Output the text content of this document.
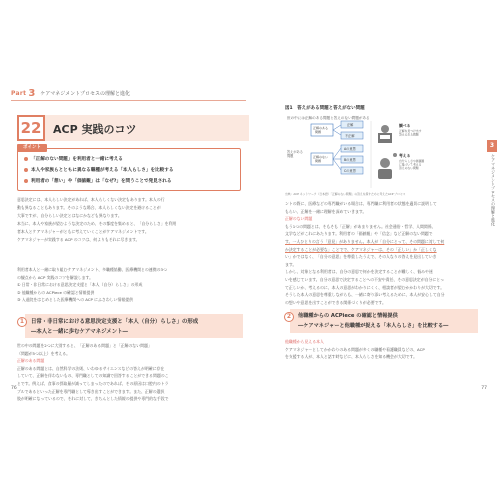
Part 3 ケアマネジメントプロセスの理解と進化
22	ACP 実践のコツ
ポイント
「正解のない問題」を利用者と一緒に考える
本人や家族らとともに異なる職種が考える「本人らしさ」を比較する
利用者の「想い」や「価値観」は「なぜ?」を問うことで発見される

意思決定には、本人らしい決定があれば、本人らしくない決定もあります。本人の行

動も異なることもあります。そのような場合、本人らしくない決定を避けることが

大事ですが、自分らしい決定とはなにかなども異なります。

本当に、本人や家族が望むような決定のため、その都度を集めると、「自分らしさ」を利用

者本人とケアマネジャーがともに考えていくことがケアマネジメントです。

ケアマネジャーが実践する ACP のコツは、何よりもそれに尽きます。

利用者本人と一緒に取り組むケアマネジメント、多職種協働、医療機関との連携の3つ

の観点から ACP 実践のコツを解説します。

① 日常・非日常における意思決定支援と「本人（自分）らしさ」の形成

② 他職種からの ACPiece の確認と情報提供

③ 入退院をはじめとした医療機関への ACP にふさわしい情報提供

1	日常・非日常における意思決定支援と「本人（自分）らしさ」の形成
―本人と一緒に歩むケアマネジメント―

世の中の問題を2つに大別すると、「正解のある問題」と「正解のない問題」

（問題が5つ以上）を考える。

正解のある問題

正解のある問題とは、自然科学の法則、いわゆるサイエンスなどの答えが明確に存在

していて、正解を伴わないもの、専門職としての知識で回答することができる問題のこ

とです。例えば、食事の摂取量が減ってしまったのであれば、その原因は口腔内のトラ

ブルであるといった正解を専門職として導き出すことができます。また、正解の選択

肢が明確になっているので、それに対して、きちんとした情報の提供や専門的な手段で

76
図1　答えがある問題と答えがない問題
世の中には正解のある問題と答えのない問題がある
答えがある 問題
正解のある 問題
正解
不正解
正解のない 問題
Aの意思
Bの意思
Cの意思
調べる
正解を見つけ出す 答えのある問題
考える
自分らしさや価値観 に基づいて考える 答えのない問題
出典：ACP ネットワーク（日本語）「正解のない問題」の答えを探すために考えたACP プロセス

ントの際に、医療などの専門職がいる場合は、専門職に利用者の状態を適切に説明して

もらい、正解を一緒に理解を深めていきます。

正解のない問題

もう1つの問題とは、そもそも「正解」があまりません。社会通俗・哲学、人間関係、

文学などがこれにあたります。利用者の「価値観」や「信念」など正解のない問題で

す。一人ひとりの言う「意見」がありません。本人が「自分にとって、その問題に対して何

か決定することが必要な」ことでで、ケアマネジャーは、その「正しい」か「正しくな

い」かではなく、「自分の意思」を尊重したうえで、その人なりの答えを見出していき

ます。

しかし、対象となる利用者は、自分の意思で何かを決定することが難しく、悩みや迷

いを感じています。自分の意思で決定することへの不安や責任、その意思決定が自分にとっ

て正しいか、考えるのに、本人の意思がわかりにくく、相談者が望むかかわりが大切です。

そうした本人の意思を尊重しながらも、一緒に寄り添い考えるために、本人が安心して自分

の想いや意思を出すことができる関係づくりが必要です。

2	他職種からの ACPiece の確認と情報提供
―ケアマネジャーと他職種が捉える「本人らしさ」を比較する―

他職種から見える本人

ケアマネジャーとしてかかわりのある問題が多くの職種や看護職員などの、ACP

を支援する人が、本人と話す時などに、本人らしさを知る機会が大切です。

3
ケアマネジメントプロセスの理解と進化
77
